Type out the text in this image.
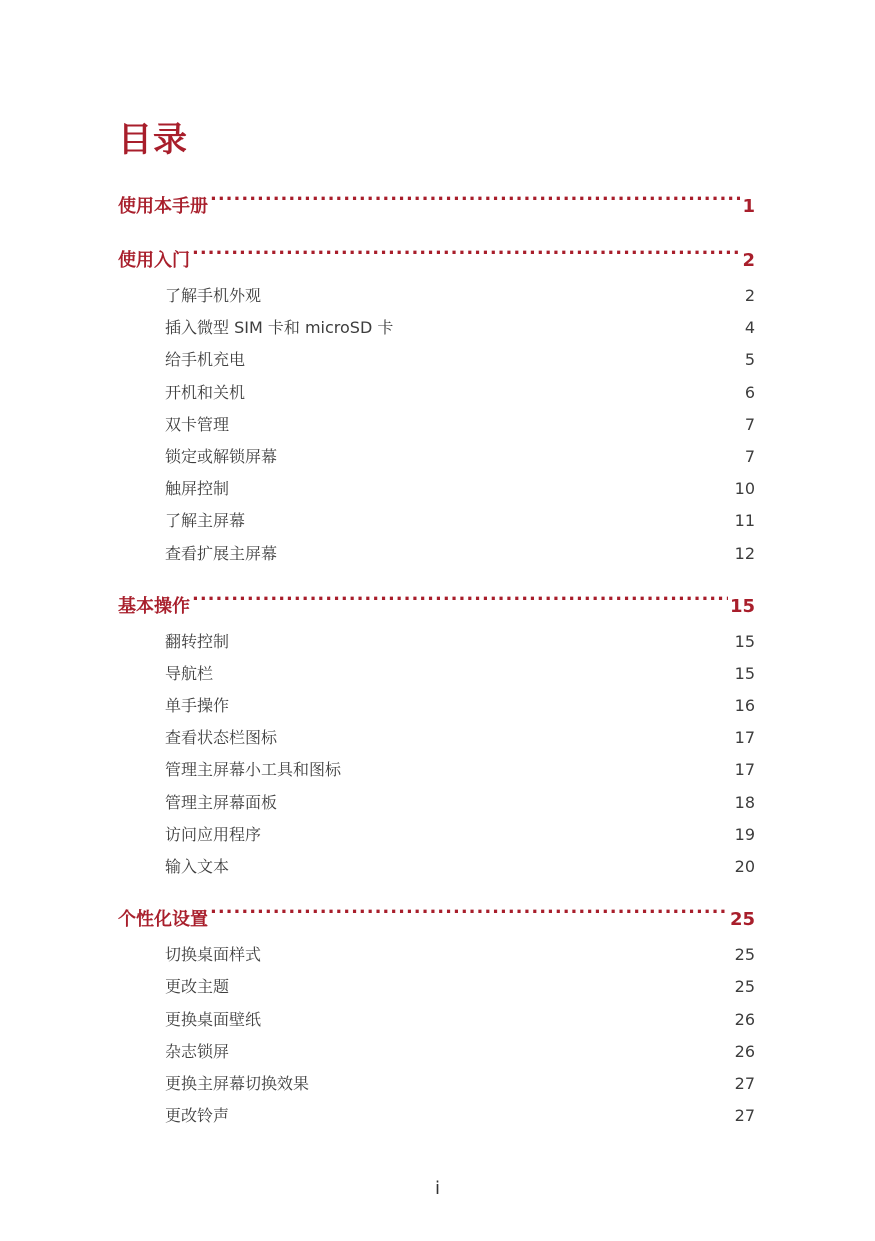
目录
使用本手册 .....	1
使用入门 .....	2
了解手机外观 .....	2
插入微型 SIM 卡和 microSD 卡 .....	4
给手机充电 .....	5
开机和关机 .....	6
双卡管理 .....	7
锁定或解锁屏幕 .....	7
触屏控制 .....	10
了解主屏幕 .....	11
查看扩展主屏幕 .....	12
基本操作 .....	15
翻转控制 .....	15
导航栏 .....	15
单手操作 .....	16
查看状态栏图标 .....	17
管理主屏幕小工具和图标 .....	17
管理主屏幕面板 .....	18
访问应用程序 .....	19
输入文本 .....	20
个性化设置 .....	25
切换桌面样式 .....	25
更改主题 .....	25
更换桌面壁纸 .....	26
杂志锁屏 .....	26
更换主屏幕切换效果 .....	27
更改铃声 .....	27
i
